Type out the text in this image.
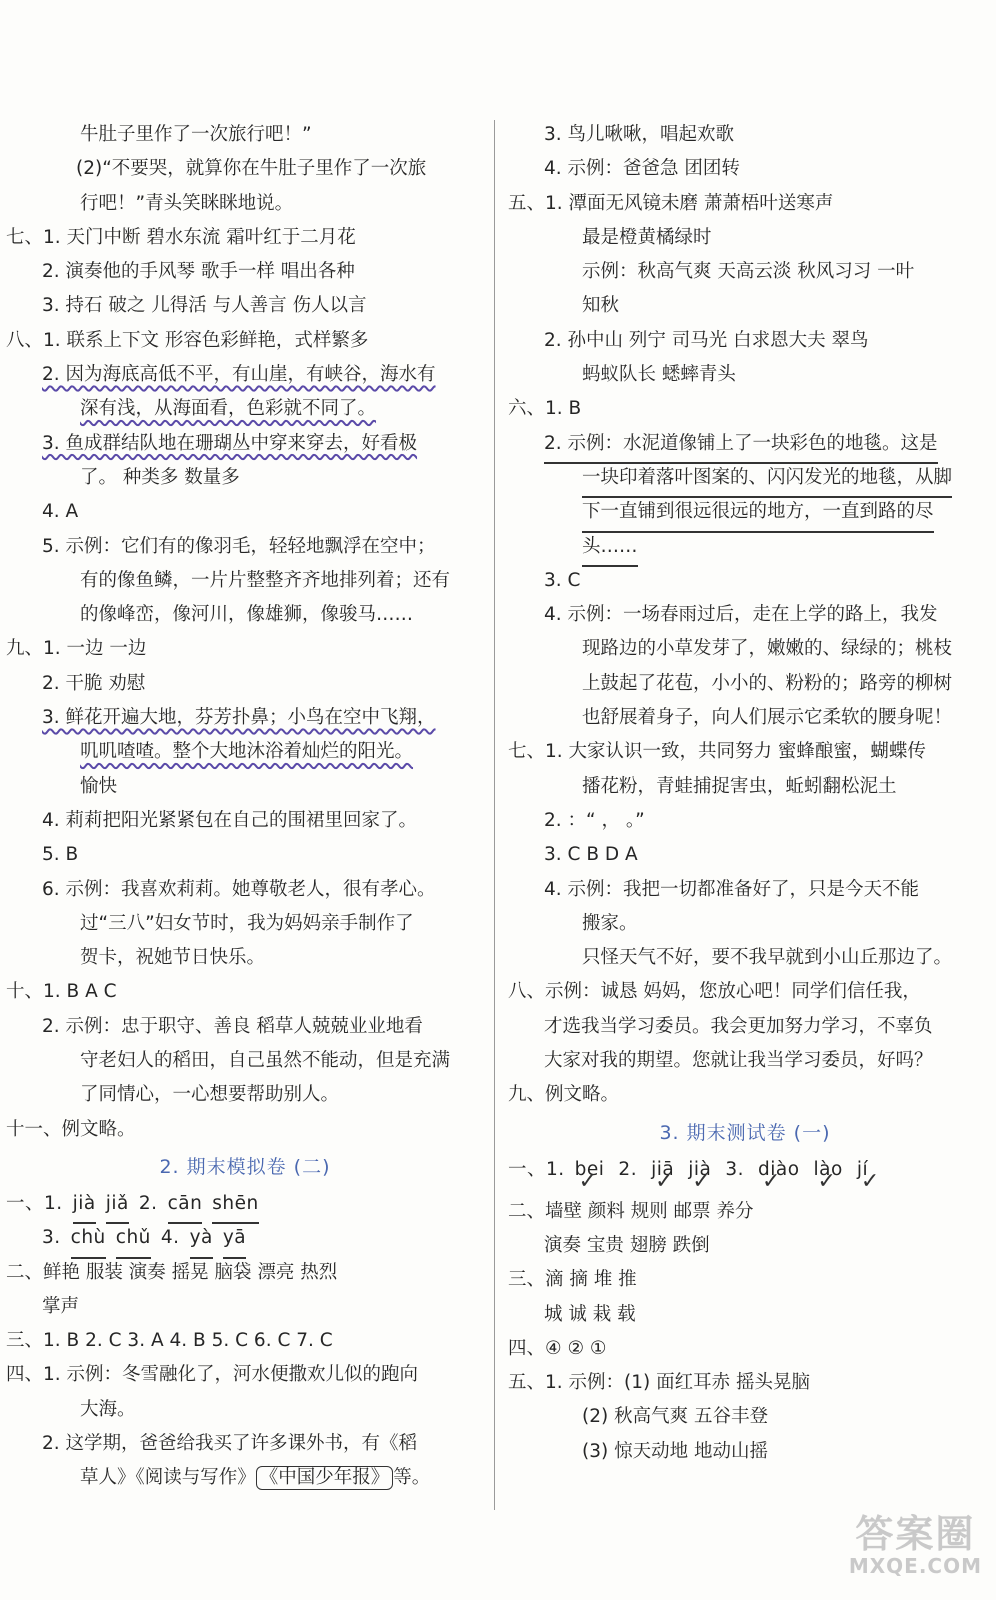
牛肚子里作了一次旅行吧！”
(2)“不要哭，就算你在牛肚子里作了一次旅
行吧！”青头笑眯眯地说。
七、1. 天门中断 碧水东流 霜叶红于二月花
2. 演奏他的手风琴 歌手一样 唱出各种
3. 持石 破之 儿得活 与人善言 伤人以言
八、1. 联系上下文 形容色彩鲜艳，式样繁多
2. 因为海底高低不平，有山崖，有峡谷，海水有
深有浅，从海面看，色彩就不同了。
3. 鱼成群结队地在珊瑚丛中穿来穿去，好看极
了。 种类多 数量多
4. A
5. 示例：它们有的像羽毛，轻轻地飘浮在空中；
有的像鱼鳞，一片片整整齐齐地排列着；还有
的像峰峦，像河川，像雄狮，像骏马……
九、1. 一边 一边
2. 干脆 劝慰
3. 鲜花开遍大地，芬芳扑鼻；小鸟在空中飞翔，
叽叽喳喳。整个大地沐浴着灿烂的阳光。
愉快
4. 莉莉把阳光紧紧包在自己的围裙里回家了。
5. B
6. 示例：我喜欢莉莉。她尊敬老人，很有孝心。
过“三八”妇女节时，我为妈妈亲手制作了
贺卡，祝她节日快乐。
十、1. B A C
2. 示例：忠于职守、善良 稻草人兢兢业业地看
守老妇人的稻田，自己虽然不能动，但是充满
了同情心，一心想要帮助别人。
十一、例文略。
2. 期末模拟卷 (二)
一、1. jià jiǎ 2. cān shēn
3. chù chǔ 4. yà yā
二、鲜艳 服装 演奏 摇晃 脑袋 漂亮 热烈
掌声
三、1. B 2. C 3. A 4. B 5. C 6. C 7. C
四、1. 示例：冬雪融化了，河水便撒欢儿似的跑向
大海。
2. 这学期，爸爸给我买了许多课外书，有《稻
草人》《阅读与写作》 《中国少年报》 等。
3. 鸟儿啾啾，唱起欢歌
4. 示例：爸爸急 团团转
五、1. 潭面无风镜未磨 萧萧梧叶送寒声
最是橙黄橘绿时
示例：秋高气爽 天高云淡 秋风习习 一叶
知秋
2. 孙中山 列宁 司马光 白求恩大夫 翠鸟
蚂蚁队长 蟋蟀青头
六、1. B
2. 示例：水泥道像铺上了一块彩色的地毯。这是
一块印着落叶图案的、闪闪发光的地毯，从脚
下一直铺到很远很远的地方，一直到路的尽
头……
3. C
4. 示例：一场春雨过后，走在上学的路上，我发
现路边的小草发芽了，嫩嫩的、绿绿的；桃枝
上鼓起了花苞，小小的、粉粉的；路旁的柳树
也舒展着身子，向人们展示它柔软的腰身呢！
七、1. 大家认识一致，共同努力 蜜蜂酿蜜，蝴蝶传
播花粉，青蛙捕捉害虫，蚯蚓翻松泥土
2. ：“ ， 。”
3. C B D A
4. 示例：我把一切都准备好了，只是今天不能
搬家。
只怪天气不好，要不我早就到小山丘那边了。
八、示例：诚恳 妈妈，您放心吧！同学们信任我，
才选我当学习委员。我会更加努力学习，不辜负
大家对我的期望。您就让我当学习委员，好吗？
九、例文略。
3. 期末测试卷 (一)
一、1. bei ✓ 2. jiā ✓ jià ✓ 3. diào ✓ lào ✓ jí ✓
二、墙壁 颜料 规则 邮票 养分
演奏 宝贵 翅膀 跌倒
三、滴 摘 堆 推
城 诚 栽 载
四、④ ② ①
五、1. 示例：(1) 面红耳赤 摇头晃脑
(2) 秋高气爽 五谷丰登
(3) 惊天动地 地动山摇
答案圈
MXQE.COM
